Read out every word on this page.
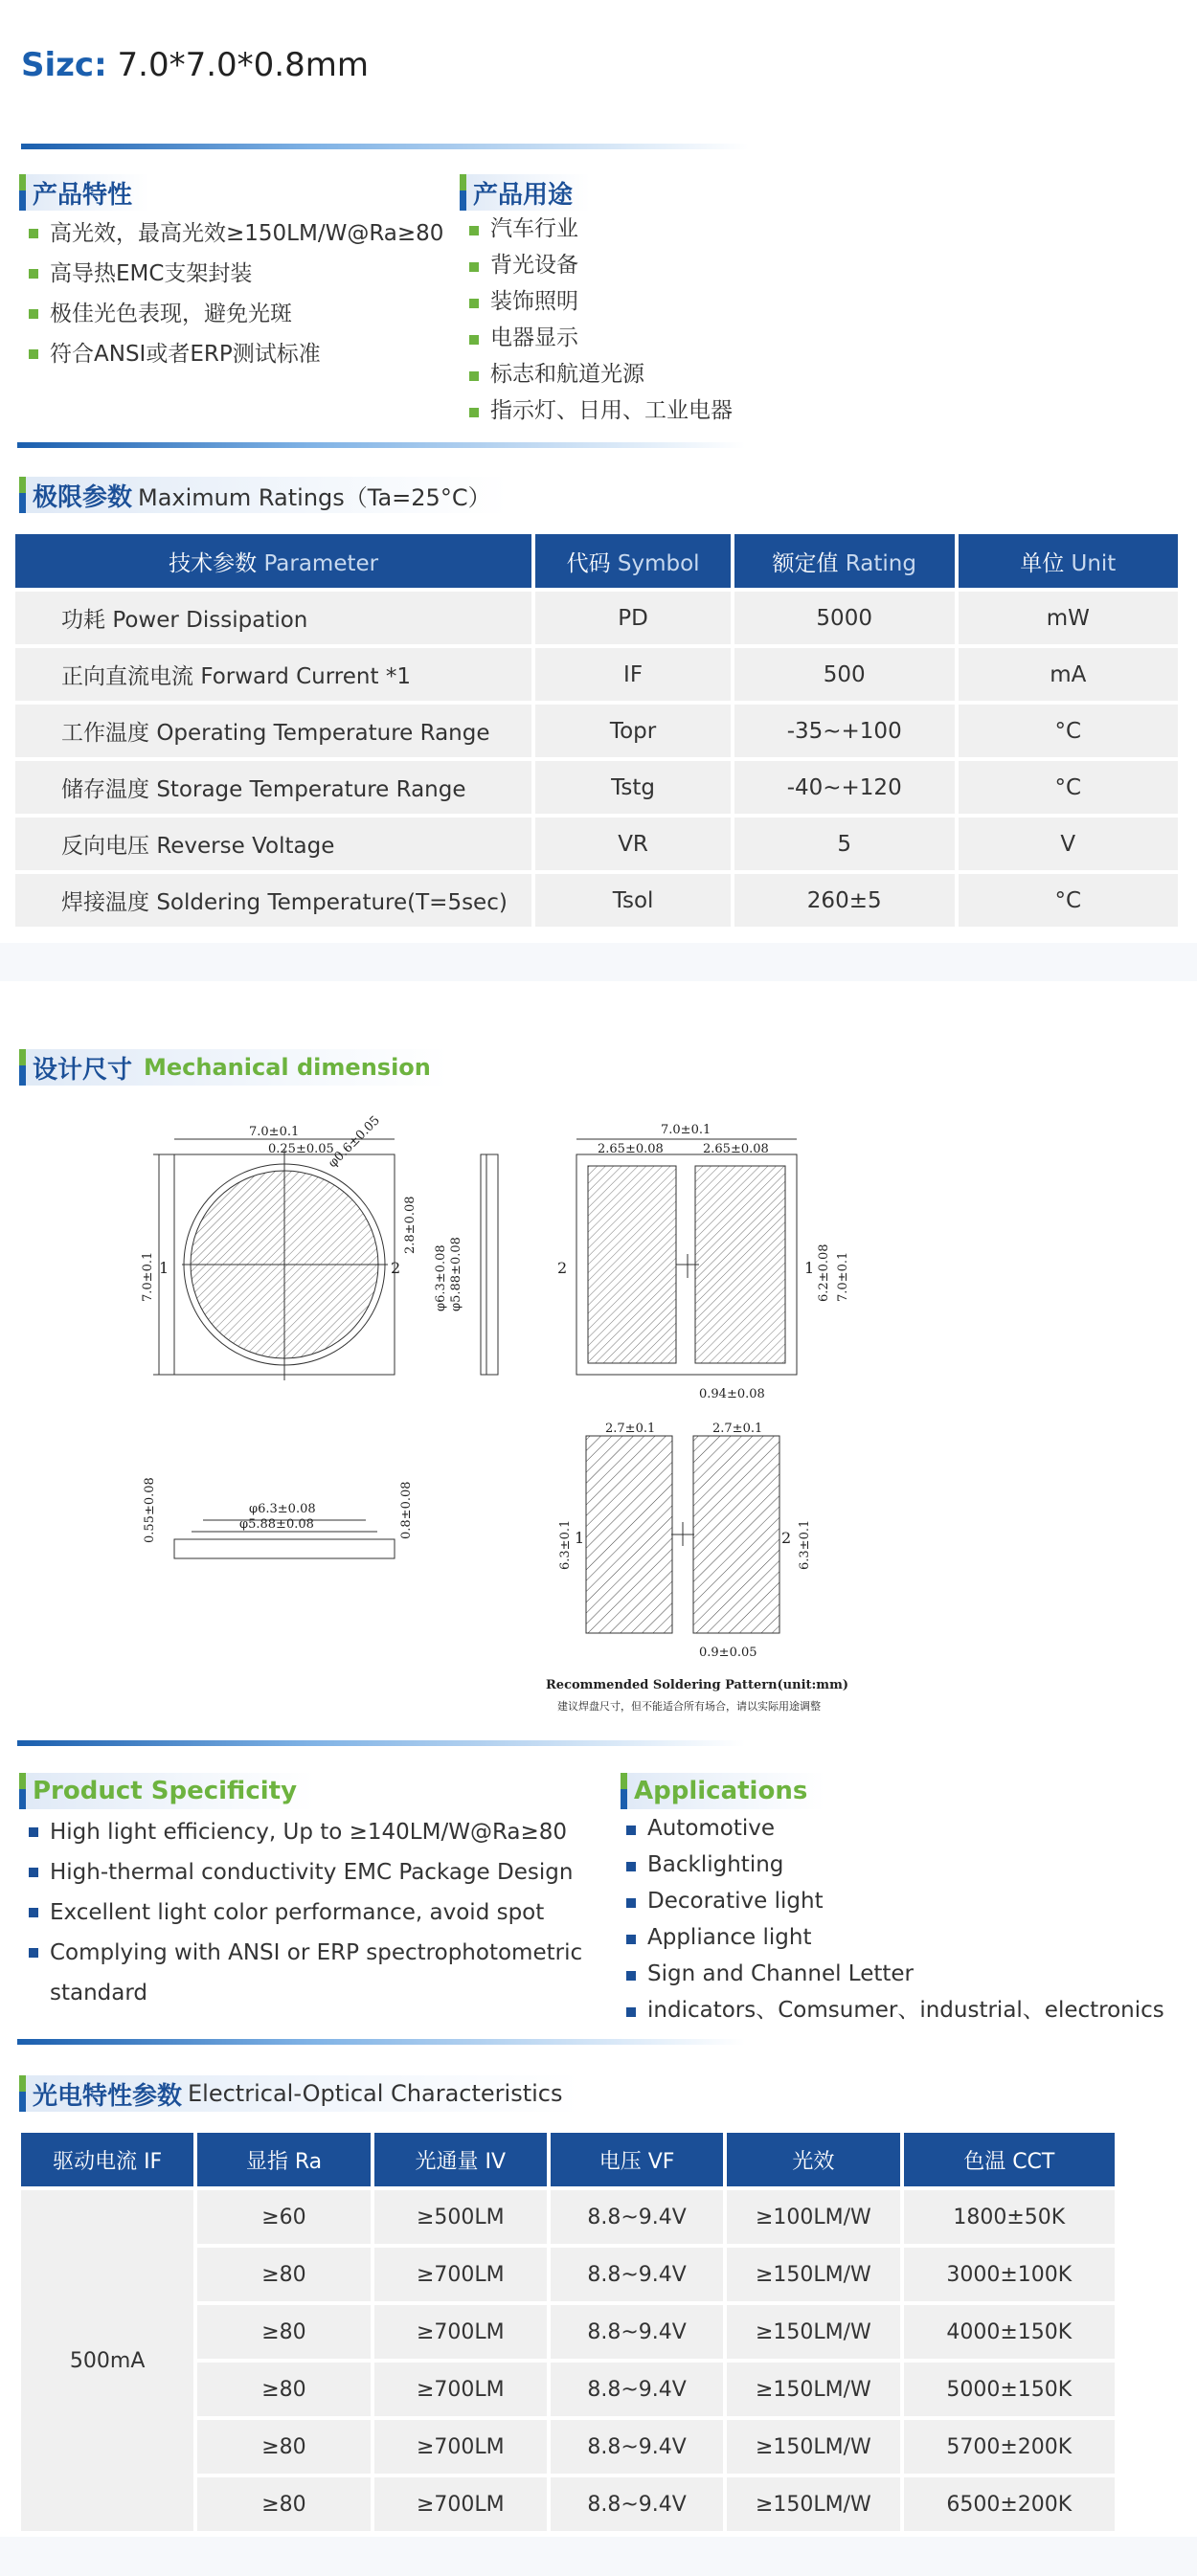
Sizc: 7.0*7.0*0.8mm
产品特性
高光效，最高光效≥150LM/W@Ra≥80
高导热EMC支架封装
极佳光色表现，避免光斑
符合ANSI或者ERP测试标准
产品用途
汽车行业
背光设备
装饰照明
电器显示
标志和航道光源
指示灯、日用、工业电器
极限参数 Maximum Ratings（Ta=25°C）
技术参数 Parameter	代码 Symbol	额定值 Rating	单位 Unit
功耗 Power Dissipation	PD	5000	mW
正向直流电流 Forward Current *1	IF	500	mA
工作温度 Operating Temperature Range	Topr	-35~+100	°C
储存温度 Storage Temperature Range	Tstg	-40~+120	°C
反向电压 Reverse Voltage	VR	5	V
焊接温度 Soldering Temperature(T=5sec)	Tsol	260±5	°C
设计尺寸 Mechanical dimension
7.0±0.1
0.25±0.05
φ0.6±0.05
7.0±0.1
2.8±0.08
φ6.3±0.08 φ5.88±0.08
1	2
7.0±0.1
2.65±0.08	2.65±0.08
6.2±0.08 7.0±0.1
0.94±0.08
2	1
φ6.3±0.08
φ5.88±0.08
0.55±0.08	0.8±0.08
2.7±0.1	2.7±0.1
6.3±0.1	6.3±0.1
1	2
0.9±0.05
Recommended Soldering Pattern(unit:mm)
建议焊盘尺寸，但不能适合所有场合，请以实际用途调整
Product Specificity
High light efficiency, Up to ≥140LM/W@Ra≥80
High-thermal conductivity EMC Package Design
Excellent light color performance, avoid spot
Complying with ANSI or ERP spectrophotometric
standard
Applications
Automotive
Backlighting
Decorative light
Appliance light
Sign and Channel Letter
indicators、Comsumer、industrial、electronics
光电特性参数 Electrical-Optical Characteristics
驱动电流 IF	显指 Ra	光通量 IV	电压 VF	光效	色温 CCT
500mA	≥60	≥500LM	8.8~9.4V	≥100LM/W	1800±50K
	≥80	≥700LM	8.8~9.4V	≥150LM/W	3000±100K
	≥80	≥700LM	8.8~9.4V	≥150LM/W	4000±150K
	≥80	≥700LM	8.8~9.4V	≥150LM/W	5000±150K
	≥80	≥700LM	8.8~9.4V	≥150LM/W	5700±200K
	≥80	≥700LM	8.8~9.4V	≥150LM/W	6500±200K
